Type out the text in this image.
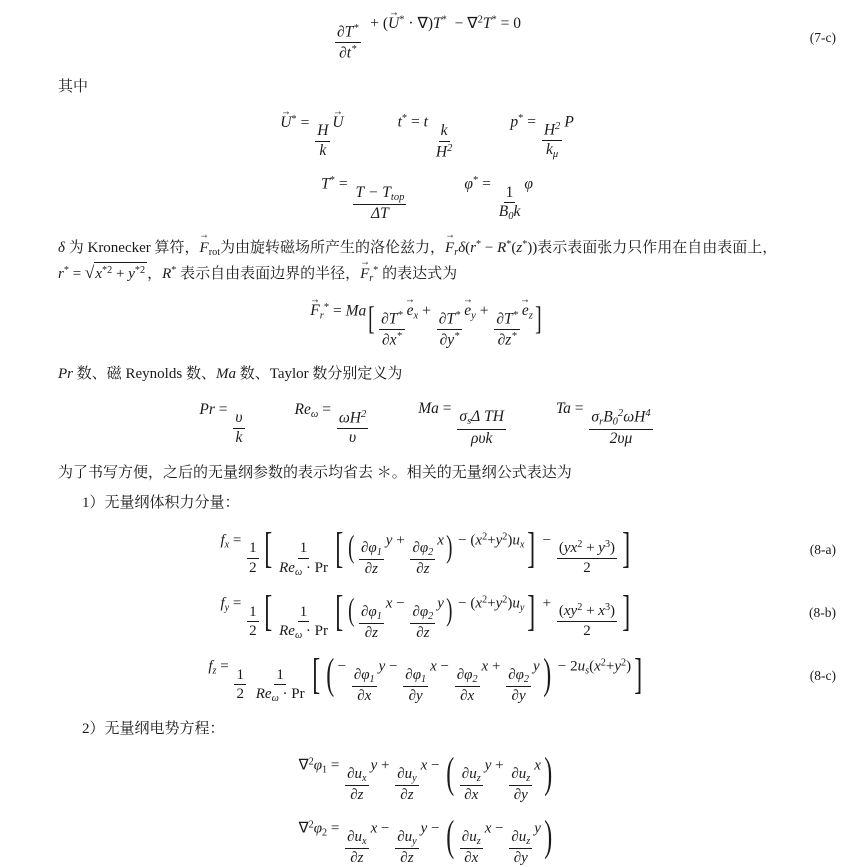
$\frac{\partial T^*}{\partial t^*} + (U \to^* \cdot \nabla)T^* - \nabla^2T^* = 0$
(7-c)
其中
U →* =
$\frac{H}{k}$
U →	t* = t
$\frac{k}{H^2}$
$p^* = \frac{H^2}{k_\mu}$ P
T* =
$\frac{T - T_{top}}{\Delta T}$
φ* =
$\frac{1}{B_0k}$
φ
δ 为 Kronecker 算符，$F \to_{rot}$为由旋转磁场所产生的洛伦兹力，$F \to_r\delta(r^* - R^*(z^*))$表示表面张力只作用在自由表面上，$r^* = √x^{*2} + y^{*2}$ ，R* 表示自由表面边界的半径，$F \to_r^*$ 的表达式为
$F \to_r^* = Ma[ \frac{\partial T^*}{\partial x^*}$ $e \to_x + \frac{\partial T^*}{\partial y^*}$ $e \to_y + \frac{\partial T^*}{\partial z^*}$ $e \to_z$]
Pr 数、磁 Reynolds 数、Ma 数、Taylor 数分别定义为
Pr =
$\frac{\upsilon}{k}$
$Re_\omega = \frac{\omega H^2}{\upsilon}$
Ma =
$\frac{\sigma_s\Delta TH}{\text{ρυk}}$
$Ta = \frac{\sigma_rB_0^2\omega H^4}{2\upsilon\mu}$
为了书写方便，之后的无量纲参数的表示均省去 ＊。相关的无量纲公式表达为
1）无量纲体积力分量：
$f_x$ =
$\frac{1}{2}$ [ $\frac{1}{Re_\omega \cdot Pr}$ [ ( $\frac{\partial\varphi_1}{\partial z}$
y +
$\frac{\partial\varphi_2}{\partial z}$
$x) - (x^2+y^2)u_x] - \frac{(yx^2 + y^3)}{2}$ ]	(8-a)
$f_y$ =
$\frac{1}{2}$ [ $\frac{1}{Re_\omega \cdot Pr}$ [ ( $\frac{\partial\varphi_1}{\partial z}$
x −
$\frac{\partial\varphi_2}{\partial z}$
$y) - (x^2+y^2)u_y] + \frac{(xy^2 + x^3)}{2}$ ]	(8-b)
$f_z$ =
$\frac{1}{2}$
$\frac{1}{Re_\omega \cdot Pr}$ [ ( −
$\frac{\partial\varphi_1}{\partial x}$
y −
$\frac{\partial\varphi_1}{\partial y}$
x −
$\frac{\partial\varphi_2}{\partial x}$
x +
$\frac{\partial\varphi_2}{\partial y}$
$y) - 2u_s(x^2+y^2)$]	(8-c)
2）无量纲电势方程：
$\nabla^2\varphi_1$ =
$\frac{\partial u_x}{\partial z}$
y +
$\frac{\partial u_y}{\partial z}$
x − ( $\frac{\partial u_z}{\partial x}$
y +
$\frac{\partial u_z}{\partial y}$
x)
$\nabla^2\varphi_2$ =
$\frac{\partial u_x}{\partial z}$
x −
$\frac{\partial u_y}{\partial z}$
y − ( $\frac{\partial u_z}{\partial x}$
x −
$\frac{\partial u_z}{\partial y}$
y)
